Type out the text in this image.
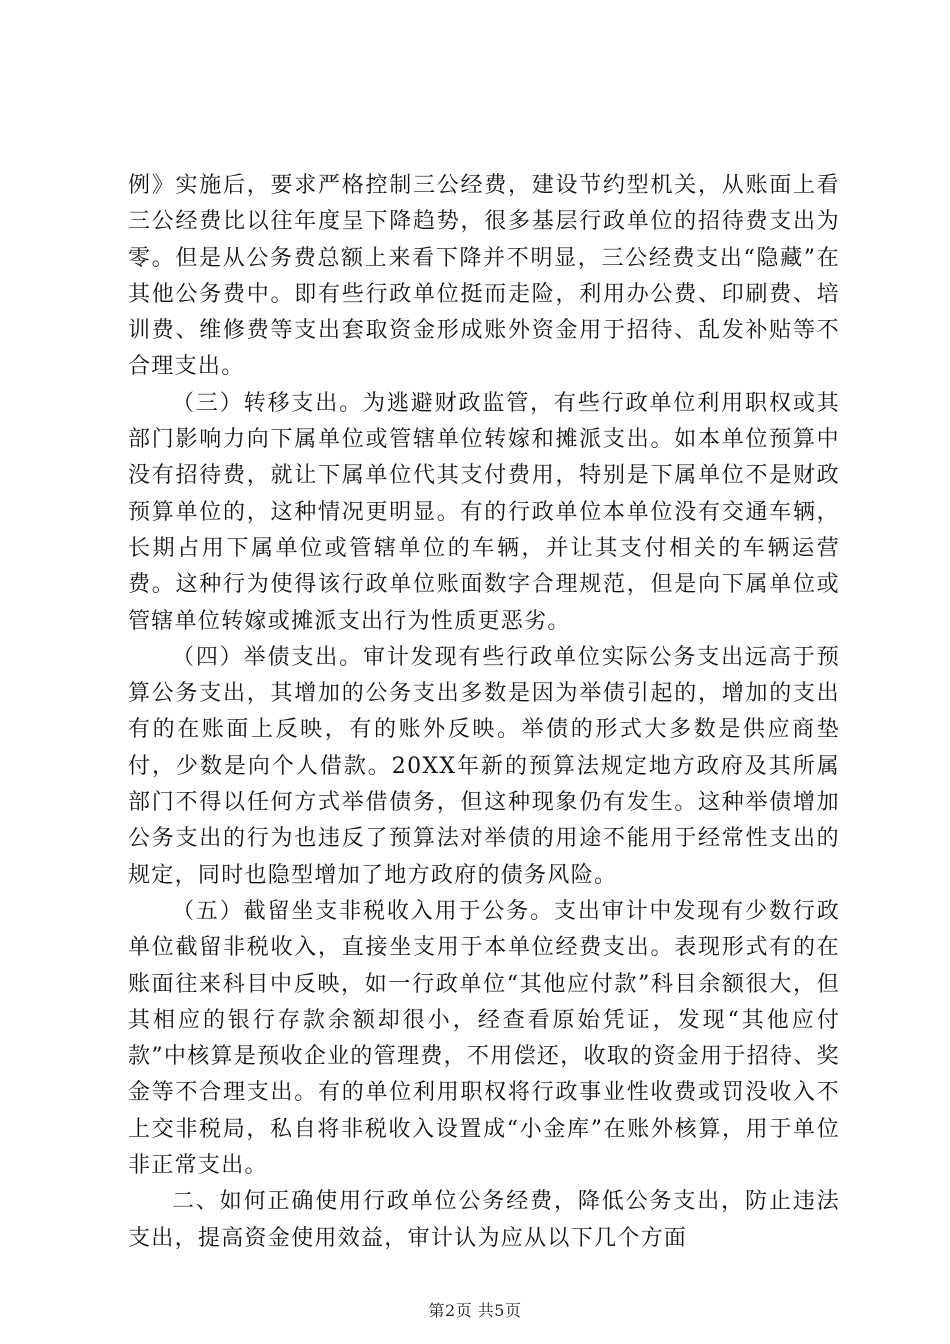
例》实施后，要求严格控制三公经费，建设节约型机关，从账面上看三公经费比以往年度呈下降趋势，很多基层行政单位的招待费支出为零。但是从公务费总额上来看下降并不明显，三公经费支出“隐藏”在其他公务费中。即有些行政单位挺而走险，利用办公费、印刷费、培训费、维修费等支出套取资金形成账外资金用于招待、乱发补贴等不合理支出。

（三）转移支出。为逃避财政监管，有些行政单位利用职权或其部门影响力向下属单位或管辖单位转嫁和摊派支出。如本单位预算中没有招待费，就让下属单位代其支付费用，特别是下属单位不是财政预算单位的，这种情况更明显。有的行政单位本单位没有交通车辆，长期占用下属单位或管辖单位的车辆，并让其支付相关的车辆运营费。这种行为使得该行政单位账面数字合理规范，但是向下属单位或管辖单位转嫁或摊派支出行为性质更恶劣。

（四）举债支出。审计发现有些行政单位实际公务支出远高于预算公务支出，其增加的公务支出多数是因为举债引起的，增加的支出有的在账面上反映，有的账外反映。举债的形式大多数是供应商垫付，少数是向个人借款。20XX年新的预算法规定地方政府及其所属部门不得以任何方式举借债务，但这种现象仍有发生。这种举债增加公务支出的行为也违反了预算法对举债的用途不能用于经常性支出的规定，同时也隐型增加了地方政府的债务风险。

（五）截留坐支非税收入用于公务。支出审计中发现有少数行政单位截留非税收入，直接坐支用于本单位经费支出。表现形式有的在账面往来科目中反映，如一行政单位“其他应付款”科目余额很大，但其相应的银行存款余额却很小，经查看原始凭证，发现“其他应付款”中核算是预收企业的管理费，不用偿还，收取的资金用于招待、奖金等不合理支出。有的单位利用职权将行政事业性收费或罚没收入不上交非税局，私自将非税收入设置成“小金库”在账外核算，用于单位非正常支出。

二、如何正确使用行政单位公务经费，降低公务支出，防止违法支出，提高资金使用效益，审计认为应从以下几个方面

第2页 共5页
